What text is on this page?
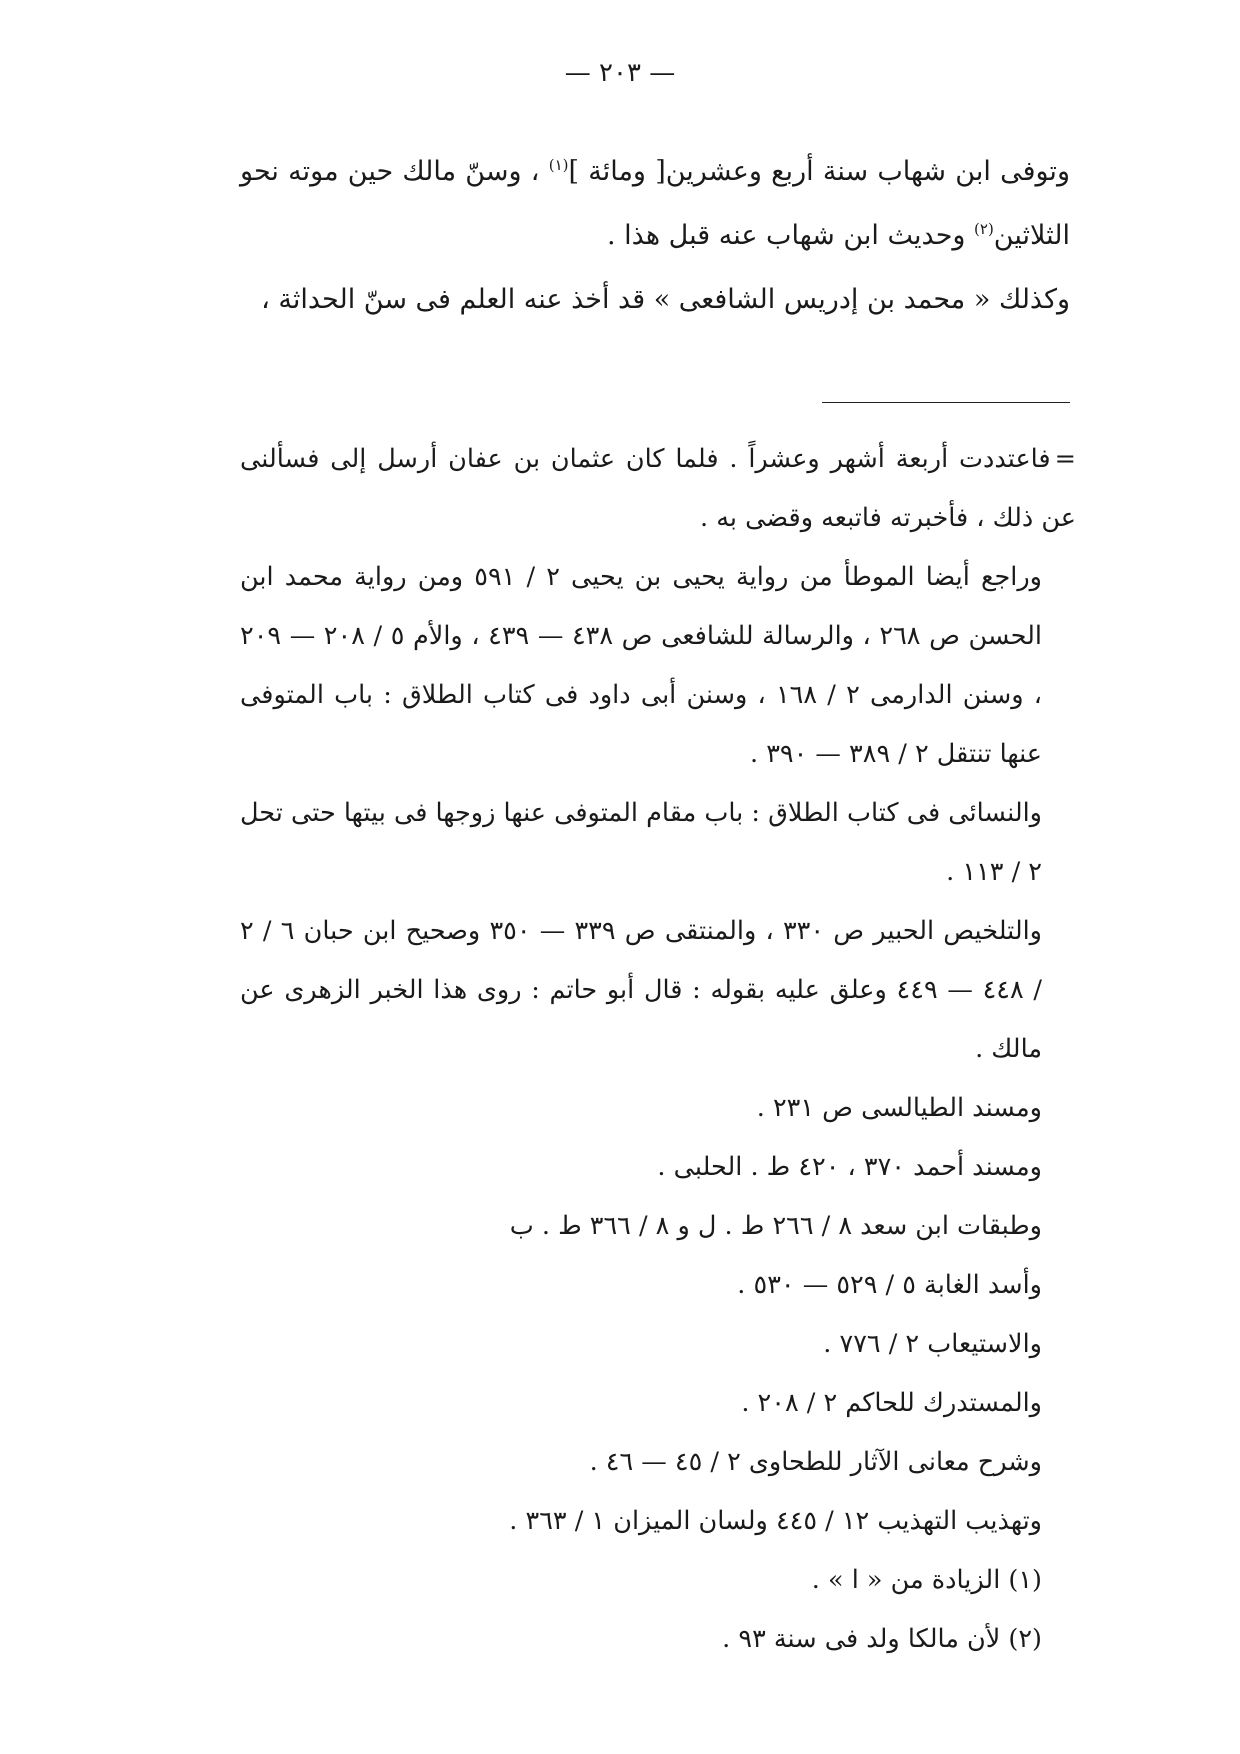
— ٢٠٣ —

وتوفى ابن شهاب سنة أربع وعشرين[ ومائة ]$^{(١)}$ ، وسنّ مالك حين موته نحو الثلاثين$^{(٢)}$ وحديث ابن شهاب عنه قبل هذا .

وكذلك « محمد بن إدريس الشافعى » قد أخذ عنه العلم فى سنّ الحداثة ،

=فاعتددت أربعة أشهر وعشراً . فلما كان عثمان بن عفان أرسل إلى فسألنى عن ذلك ، فأخبرته فاتبعه وقضى به .

وراجع أيضا الموطأ من رواية يحيى بن يحيى ٢ / ٥٩١ ومن رواية محمد ابن الحسن ص ٢٦٨ ، والرسالة للشافعى ص ٤٣٨ — ٤٣٩ ، والأم ٥ / ٢٠٨ — ٢٠٩ ، وسنن الدارمى ٢ / ١٦٨ ، وسنن أبى داود فى كتاب الطلاق : باب المتوفى عنها تنتقل ٢ / ٣٨٩ — ٣٩٠ .

والنسائى فى كتاب الطلاق : باب مقام المتوفى عنها زوجها فى بيتها حتى تحل ٢ / ١١٣ .

والتلخيص الحبير ص ٣٣٠ ، والمنتقى ص ٣٣٩ — ٣٥٠ وصحيح ابن حبان ٦ / ٢ / ٤٤٨ — ٤٤٩ وعلق عليه بقوله : قال أبو حاتم : روى هذا الخبر الزهرى عن مالك .

ومسند الطيالسى ص ٢٣١ .

ومسند أحمد ٣٧٠ ، ٤٢٠ ط . الحلبى .

وطبقات ابن سعد ٨ / ٢٦٦ ط . ل و ٨ / ٣٦٦ ط . ب

وأسد الغابة ٥ / ٥٢٩ — ٥٣٠ .

والاستيعاب ٢ / ٧٧٦ .

والمستدرك للحاكم ٢ / ٢٠٨ .

وشرح معانى الآثار للطحاوى ٢ / ٤٥ — ٤٦ .

وتهذيب التهذيب ١٢ / ٤٤٥ ولسان الميزان ١ / ٣٦٣ .

(١) الزيادة من « ا » .

(٢) لأن مالكا ولد فى سنة ٩٣ .
